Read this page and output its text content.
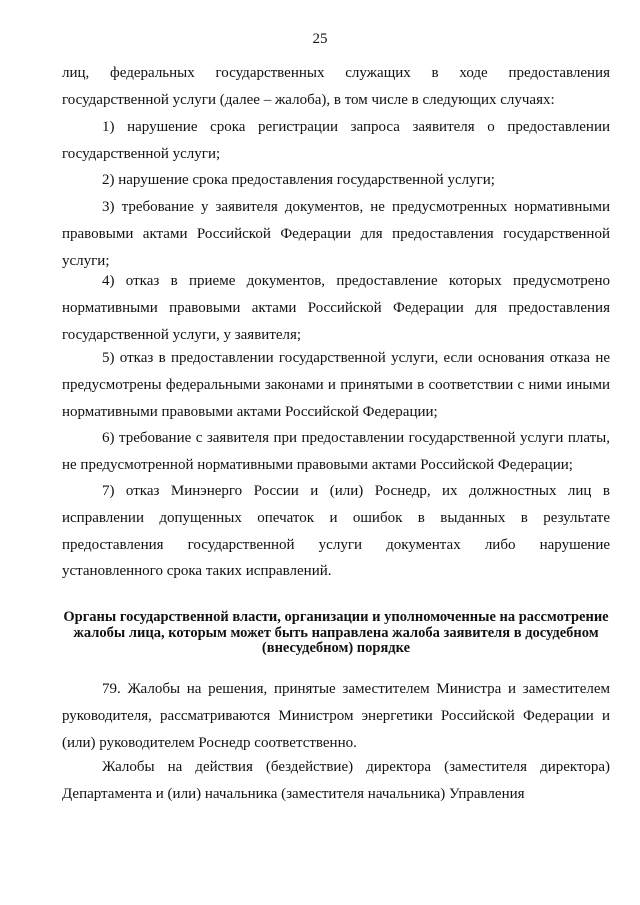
25
лиц, федеральных государственных служащих в ходе предоставления государственной услуги (далее – жалоба), в том числе в следующих случаях:
1) нарушение срока регистрации запроса заявителя о предоставлении государственной услуги;
2) нарушение срока предоставления государственной услуги;
3) требование у заявителя документов, не предусмотренных нормативными правовыми актами Российской Федерации для предоставления государственной услуги;
4) отказ в приеме документов, предоставление которых предусмотрено нормативными правовыми актами Российской Федерации для предоставления государственной услуги, у заявителя;
5) отказ в предоставлении государственной услуги, если основания отказа не предусмотрены федеральными законами и принятыми в соответствии с ними иными нормативными правовыми актами Российской Федерации;
6) требование с заявителя при предоставлении государственной услуги платы, не предусмотренной нормативными правовыми актами Российской Федерации;
7) отказ Минэнерго России и (или) Роснедр, их должностных лиц в исправлении допущенных опечаток и ошибок в выданных в результате предоставления государственной услуги документах либо нарушение установленного срока таких исправлений.
Органы государственной власти, организации и уполномоченные на рассмотрение жалобы лица, которым может быть направлена жалоба заявителя в досудебном (внесудебном) порядке
79. Жалобы на решения, принятые заместителем Министра и заместителем руководителя, рассматриваются Министром энергетики Российской Федерации и (или) руководителем Роснедр соответственно.
Жалобы на действия (бездействие) директора (заместителя директора) Департамента и (или) начальника (заместителя начальника) Управления
